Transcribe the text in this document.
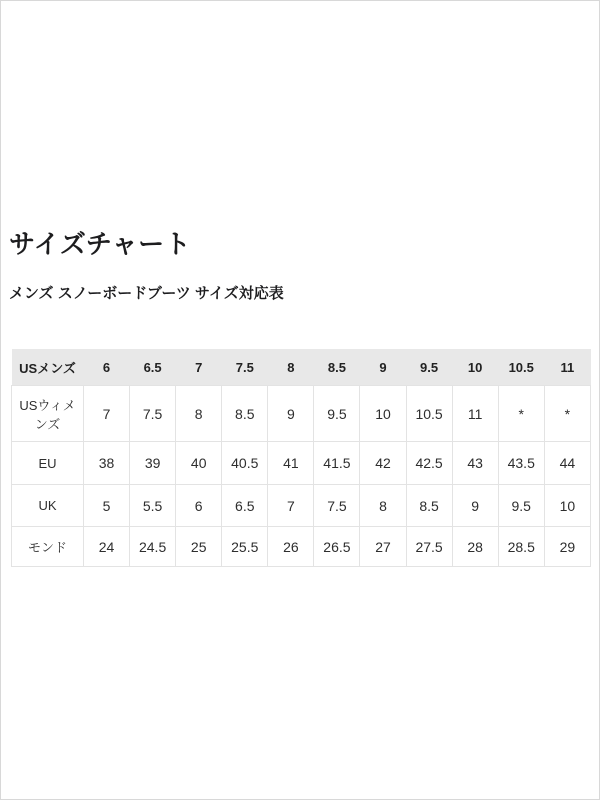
サイズチャート
メンズ スノーボードブーツ サイズ対応表
USメンズ	6	6.5	7	7.5	8	8.5	9	9.5	10	10.5	11
USウィメンズ	7	7.5	8	8.5	9	9.5	10	10.5	11	*	*
EU	38	39	40	40.5	41	41.5	42	42.5	43	43.5	44
UK	5	5.5	6	6.5	7	7.5	8	8.5	9	9.5	10
モンド	24	24.5	25	25.5	26	26.5	27	27.5	28	28.5	29
